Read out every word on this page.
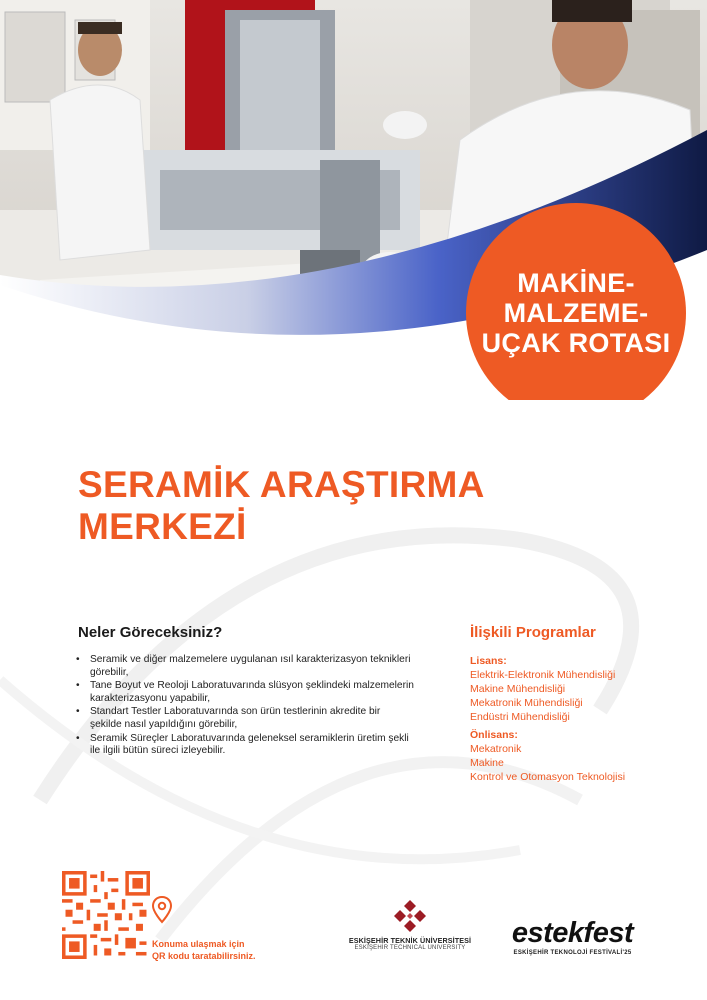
MAKİNE-
MALZEME-
UÇAK ROTASI
SERAMİK ARAŞTIRMA
MERKEZİ
Neler Göreceksiniz?
• Seramik ve diğer malzemelere uygulanan ısıl karakterizasyon teknikleri görebilir,
• Tane Boyut ve Reoloji Laboratuvarında slüsyon şeklindeki malzemelerin karakterizasyonu yapabilir,
• Standart Testler Laboratuvarında son ürün testlerinin akredite bir şekilde nasıl yapıldığını görebilir,
• Seramik Süreçler Laboratuvarında geleneksel seramiklerin üretim şekli ile ilgili bütün süreci izleyebilir.
İlişkili Programlar
Lisans:
Elektrik-Elektronik Mühendisliği
Makine Mühendisliği
Mekatronik Mühendisliği
Endüstri Mühendisliği
Önlisans:
Mekatronik
Makine
Kontrol ve Otomasyon Teknolojisi
Konuma ulaşmak için
QR kodu taratabilirsiniz.
ESKİŞEHİR TEKNİK ÜNİVERSİTESİ
ESKİŞEHİR TECHNICAL UNIVERSITY	estekfest
ESKİŞEHİR TEKNOLOJİ FESTİVALİ'25
